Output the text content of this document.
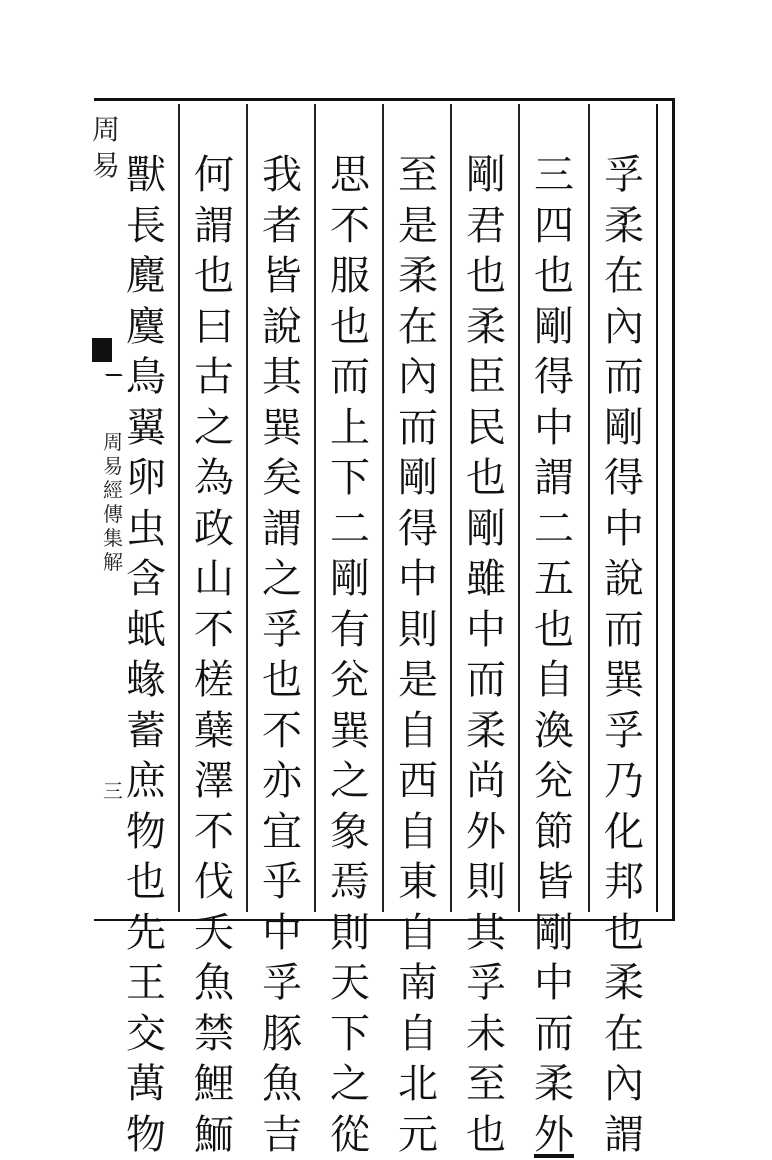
周
易
周
易
經
傳
集
解
三
孚
柔
在
內
而
剛
得
中
說
而
巽
孚
乃
化
邦
也
柔
在
內
謂
三
四
也
剛
得
中
謂
二
五
也
自
渙
兊
節
皆
剛
中
而
柔
外
剛
君
也
柔
臣
民
也
剛
雖
中
而
柔
尚
外
則
其
孚
未
至
也
至
是
柔
在
內
而
剛
得
中
則
是
自
西
自
東
自
南
自
北
元
思
不
服
也
而
上
下
二
剛
有
兊
巽
之
象
焉
則
天
下
之
從
我
者
皆
說
其
巽
矣
謂
之
孚
也
不
亦
宜
乎
中
孚
豚
魚
吉
何
謂
也
曰
古
之
為
政
山
不
槎
蘖
澤
不
伐
夭
魚
禁
鯉
鮞
獸
長
麑
麌
鳥
翼
卵
虫
含
蚔
蝝
蓄
庶
物
也
先
王
交
萬
物
